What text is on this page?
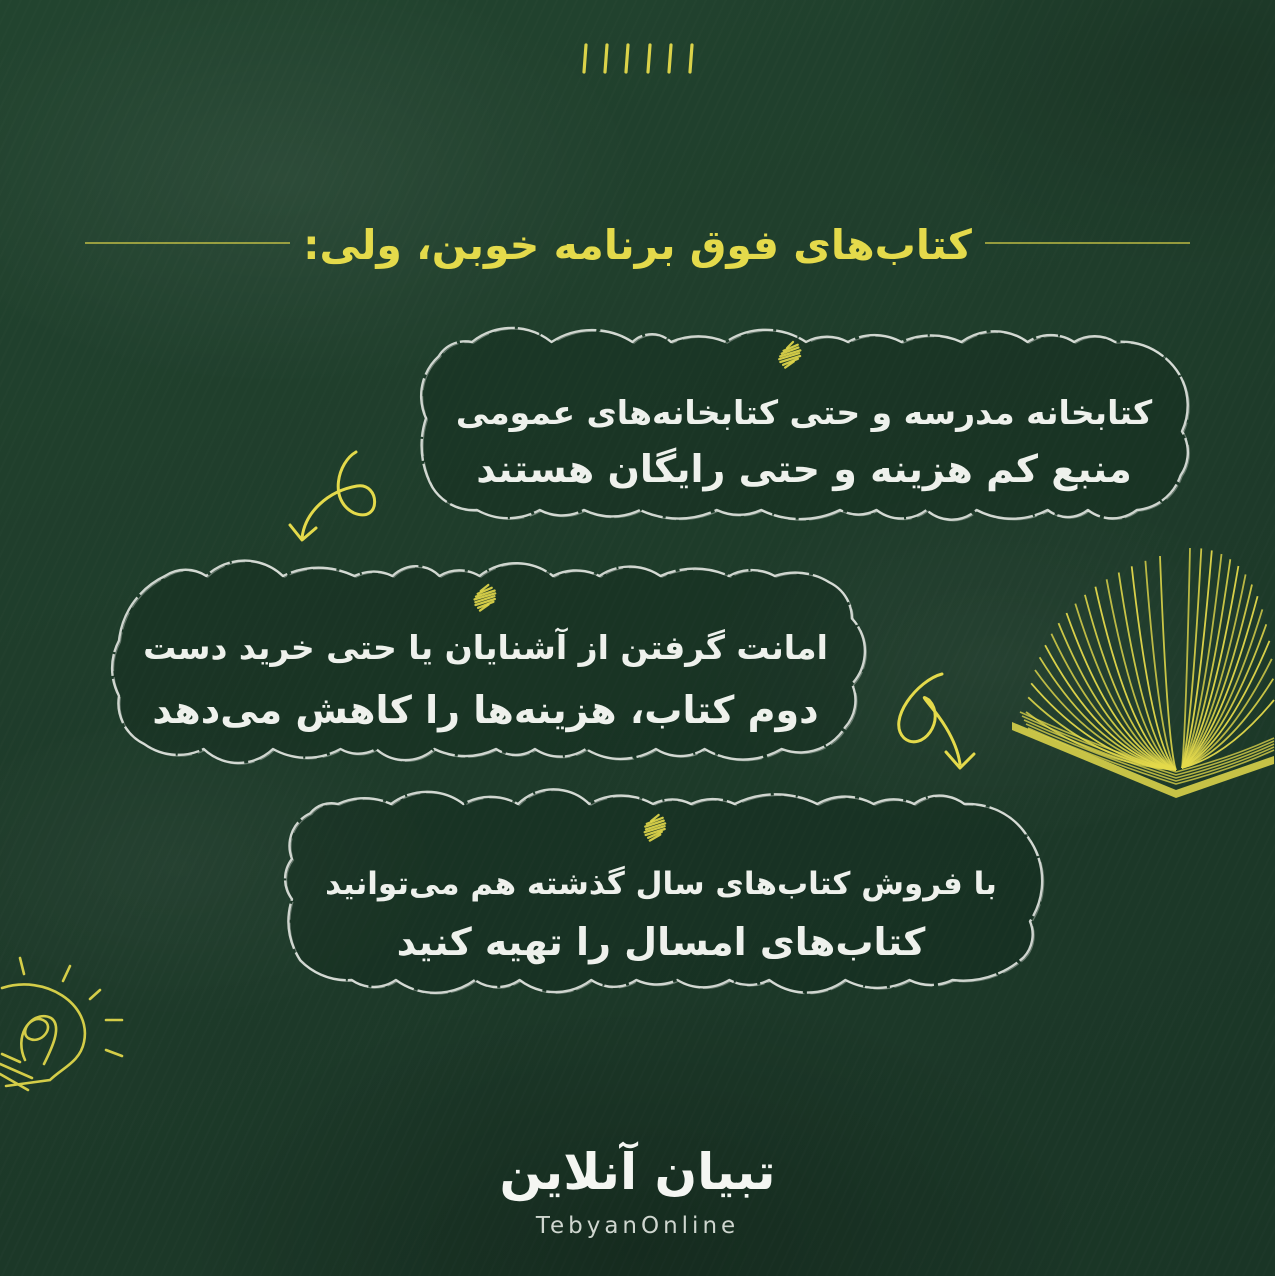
کتاب‌های فوق برنامه خوبن، ولی:
کتابخانه مدرسه و حتی کتابخانه‌های عمومی
منبع کم هزینه و حتی رایگان هستند
امانت گرفتن از آشنایان یا حتی خرید دست
دوم کتاب، هزینه‌ها را کاهش می‌دهد
با فروش کتاب‌های سال گذشته هم می‌توانید
کتاب‌های امسال را تهیه کنید
تبیان آنلاین
TebyanOnline
